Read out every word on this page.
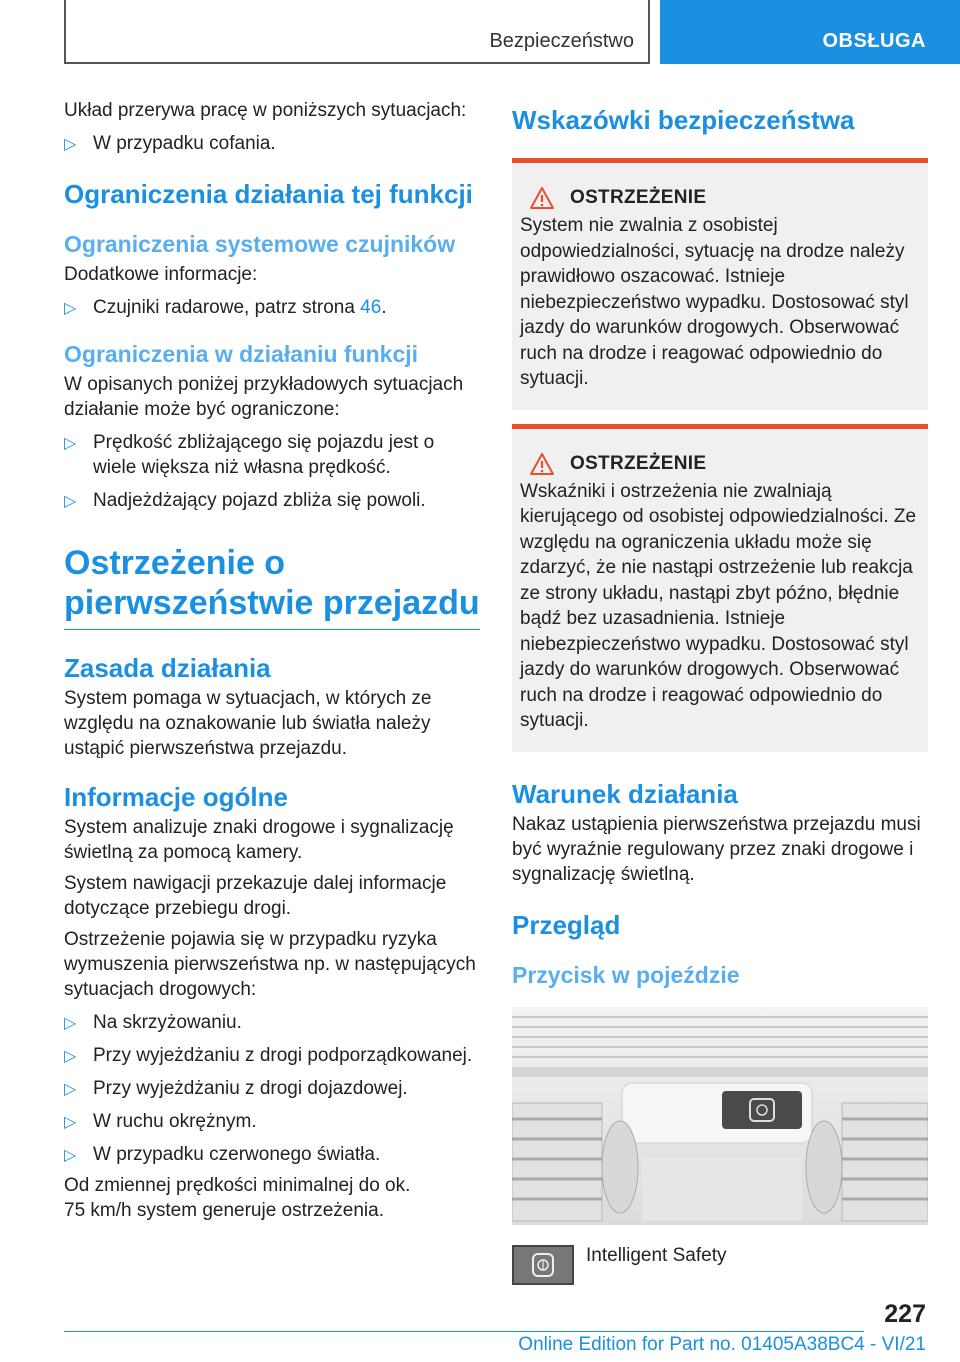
Bezpieczeństwo	OBSŁUGA

Układ przerywa pracę w poniższych sytuacjach:

▷ W przypadku cofania.
Ograniczenia działania tej funkcji
Ograniczenia systemowe czujników

Dodatkowe informacje:

▷ Czujniki radarowe, patrz strona 46.
Ograniczenia w działaniu funkcji

W opisanych poniżej przykładowych sytuacjach działanie może być ograniczone:

▷ Prędkość zbliżającego się pojazdu jest o wiele większa niż własna prędkość.
▷ Nadjeżdżający pojazd zbliża się powoli.
Ostrzeżenie o pierwszeństwie przejazdu
Zasada działania

System pomaga w sytuacjach, w których ze względu na oznakowanie lub światła należy ustąpić pierwszeństwa przejazdu.

Informacje ogólne

System analizuje znaki drogowe i sygnalizację świetlną za pomocą kamery.

System nawigacji przekazuje dalej informacje dotyczące przebiegu drogi.

Ostrzeżenie pojawia się w przypadku ryzyka wymuszenia pierwszeństwa np. w następujących sytuacjach drogowych:

▷ Na skrzyżowaniu.
▷ Przy wyjeżdżaniu z drogi podporządkowanej.
▷ Przy wyjeżdżaniu z drogi dojazdowej.
▷ W ruchu okrężnym.
▷ W przypadku czerwonego światła.

Od zmiennej prędkości minimalnej do ok. 75 km/h system generuje ostrzeżenia.

Wskazówki bezpieczeństwa
OSTRZEŻENIE

System nie zwalnia z osobistej odpowiedzialności, sytuację na drodze należy prawidłowo oszacować. Istnieje niebezpieczeństwo wypadku. Dostosować styl jazdy do warunków drogowych. Obserwować ruch na drodze i reagować odpowiednio do sytuacji.

OSTRZEŻENIE

Wskaźniki i ostrzeżenia nie zwalniają kierującego od osobistej odpowiedzialności. Ze względu na ograniczenia układu może się zdarzyć, że nie nastąpi ostrzeżenie lub reakcja ze strony układu, nastąpi zbyt późno, błędnie bądź bez uzasadnienia. Istnieje niebezpieczeństwo wypadku. Dostosować styl jazdy do warunków drogowych. Obserwować ruch na drodze i reagować odpowiednio do sytuacji.

Warunek działania

Nakaz ustąpienia pierwszeństwa przejazdu musi być wyraźnie regulowany przez znaki drogowe i sygnalizację świetlną.

Przegląd
Przycisk w pojeździe

Intelligent Safety

227
Online Edition for Part no. 01405A38BC4 - VI/21
